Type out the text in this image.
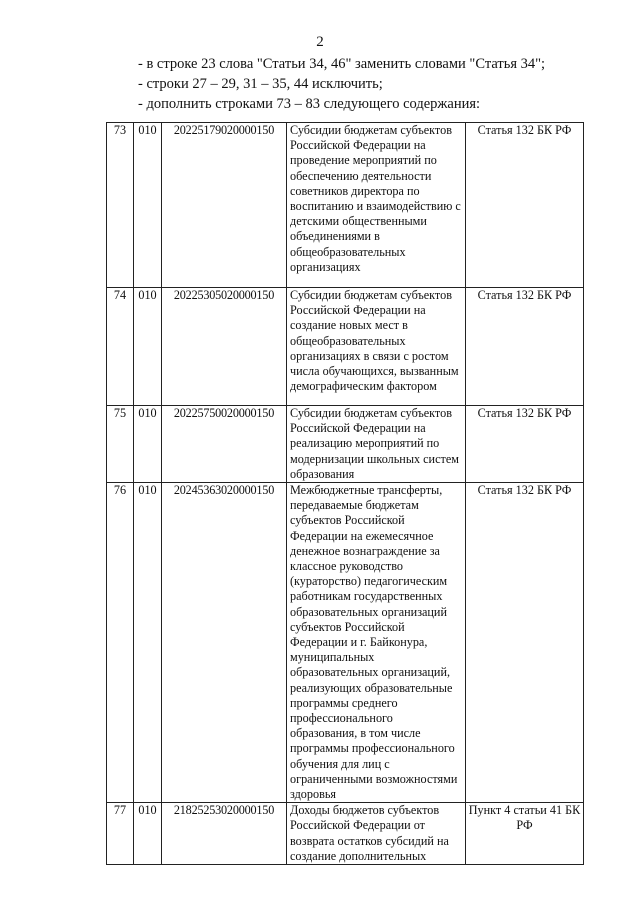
2
- в строке 23 слова "Статьи 34, 46" заменить словами "Статья 34";
- строки 27 – 29, 31 – 35, 44 исключить;
- дополнить строками 73 – 83 следующего содержания:
73	010	20225179020000150	Субсидии бюджетам субъектов Российской Федерации на проведение мероприятий по обеспечению деятельности советников директора по воспитанию и взаимодействию с детскими общественными объединениями в общеобразовательных организациях	Статья 132 БК РФ
74	010	20225305020000150	Субсидии бюджетам субъектов Российской Федерации на создание новых мест в общеобразовательных организациях в связи с ростом числа обучающихся, вызванным демографическим фактором	Статья 132 БК РФ
75	010	20225750020000150	Субсидии бюджетам субъектов Российской Федерации на реализацию мероприятий по модернизации школьных систем образования	Статья 132 БК РФ
76	010	20245363020000150	Межбюджетные трансферты, передаваемые бюджетам субъектов Российской Федерации на ежемесячное денежное вознаграждение за классное руководство (кураторство) педагогическим работникам государственных образовательных организаций субъектов Российской Федерации и г. Байконура, муниципальных образовательных организаций, реализующих образовательные программы среднего профессионального образования, в том числе программы профессионального обучения для лиц с ограниченными возможностями здоровья	Статья 132 БК РФ
77	010	21825253020000150	Доходы бюджетов субъектов Российской Федерации от возврата остатков субсидий на создание дополнительных	Пункт 4 статьи 41 БК РФ
